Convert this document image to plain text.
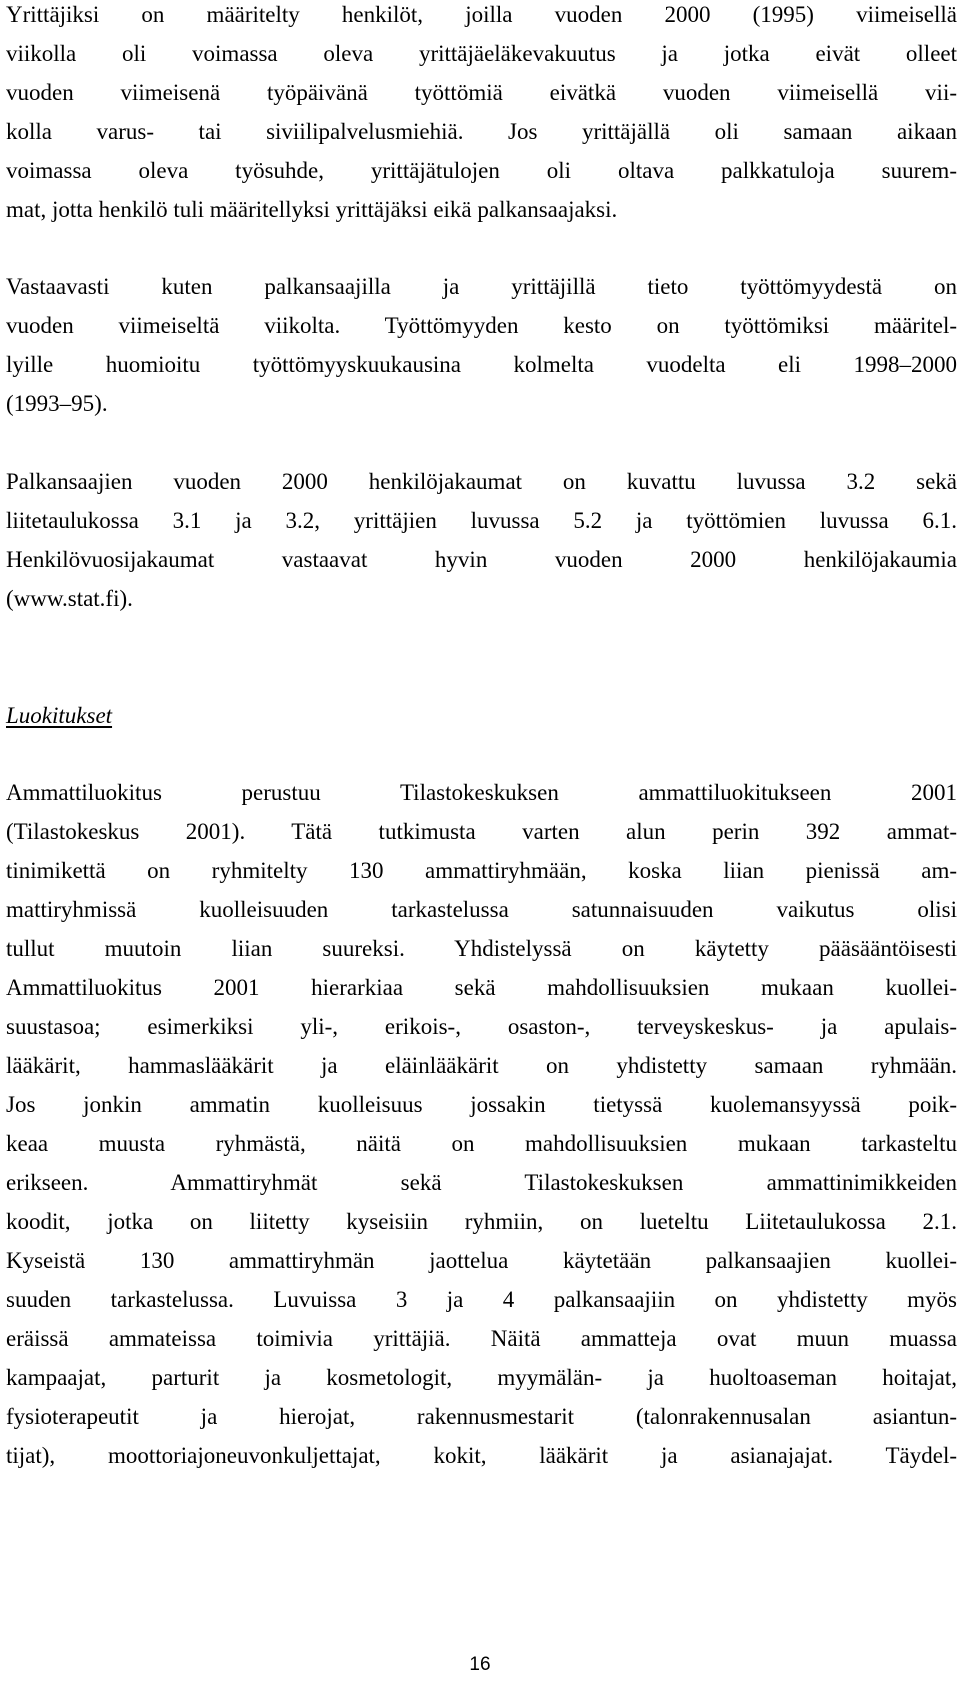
Yrittäjiksi on määritelty henkilöt, joilla vuoden 2000 (1995) viimeisellä
viikolla oli voimassa oleva yrittäjäeläkevakuutus ja jotka eivät olleet
vuoden viimeisenä työpäivänä työttömiä eivätkä vuoden viimeisellä vii-
kolla varus- tai siviilipalvelusmiehiä. Jos yrittäjällä oli samaan aikaan
voimassa oleva työsuhde, yrittäjätulojen oli oltava palkkatuloja suurem-
mat, jotta henkilö tuli määritellyksi yrittäjäksi eikä palkansaajaksi.
Vastaavasti kuten palkansaajilla ja yrittäjillä tieto työttömyydestä on
vuoden viimeiseltä viikolta. Työttömyyden kesto on työttömiksi määritel-
lyille huomioitu työttömyyskuukausina kolmelta vuodelta eli 1998–2000
(1993–95).
Palkansaajien vuoden 2000 henkilöjakaumat on kuvattu luvussa 3.2 sekä
liitetaulukossa 3.1 ja 3.2, yrittäjien luvussa 5.2 ja työttömien luvussa 6.1.
Henkilövuosijakaumat vastaavat hyvin vuoden 2000 henkilöjakaumia
(www.stat.fi).
Luokitukset
Ammattiluokitus perustuu Tilastokeskuksen ammattiluokitukseen 2001
(Tilastokeskus 2001). Tätä tutkimusta varten alun perin 392 ammat-
tinimikettä on ryhmitelty 130 ammattiryhmään, koska liian pienissä am-
mattiryhmissä kuolleisuuden tarkastelussa satunnaisuuden vaikutus olisi
tullut muutoin liian suureksi. Yhdistelyssä on käytetty pääsääntöisesti
Ammattiluokitus 2001 hierarkiaa sekä mahdollisuuksien mukaan kuollei-
suustasoa; esimerkiksi yli-, erikois-, osaston-, terveyskeskus- ja apulais-
lääkärit, hammaslääkärit ja eläinlääkärit on yhdistetty samaan ryhmään.
Jos jonkin ammatin kuolleisuus jossakin tietyssä kuolemansyyssä poik-
keaa muusta ryhmästä, näitä on mahdollisuuksien mukaan tarkasteltu
erikseen. Ammattiryhmät sekä Tilastokeskuksen ammattinimikkeiden
koodit, jotka on liitetty kyseisiin ryhmiin, on lueteltu Liitetaulukossa 2.1.
Kyseistä 130 ammattiryhmän jaottelua käytetään palkansaajien kuollei-
suuden tarkastelussa. Luvuissa 3 ja 4 palkansaajiin on yhdistetty myös
eräissä ammateissa toimivia yrittäjiä. Näitä ammatteja ovat muun muassa
kampaajat, parturit ja kosmetologit, myymälän- ja huoltoaseman hoitajat,
fysioterapeutit ja hierojat, rakennusmestarit (talonrakennusalan asiantun-
tijat), moottoriajoneuvonkuljettajat, kokit, lääkärit ja asianajajat. Täydel-
16
